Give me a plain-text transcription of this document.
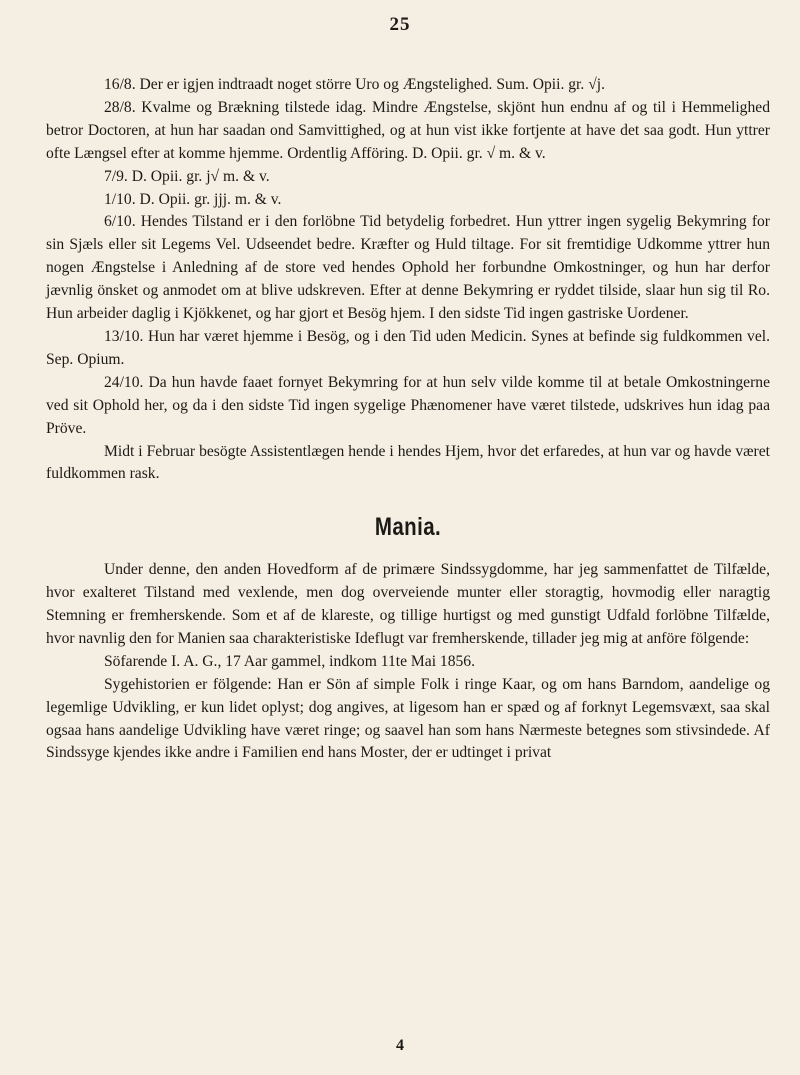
25

16/8. Der er igjen indtraadt noget större Uro og Ængstelighed. Sum. Opii. gr. √j.

28/8. Kvalme og Brækning tilstede idag. Mindre Ængstelse, skjönt hun endnu af og til i Hemmelighed betror Doctoren, at hun har saadan ond Samvittighed, og at hun vist ikke fortjente at have det saa godt. Hun yttrer ofte Længsel efter at komme hjemme. Ordentlig Afföring. D. Opii. gr. √ m. & v.

7/9. D. Opii. gr. j√ m. & v.

1/10. D. Opii. gr. jjj. m. & v.

6/10. Hendes Tilstand er i den forlöbne Tid betydelig forbedret. Hun yttrer ingen sygelig Bekymring for sin Sjæls eller sit Legems Vel. Udseendet bedre. Kræfter og Huld tiltage. For sit fremtidige Udkomme yttrer hun nogen Ængstelse i Anledning af de store ved hendes Ophold her forbundne Omkostninger, og hun har derfor jævnlig önsket og anmodet om at blive udskreven. Efter at denne Bekymring er ryddet tilside, slaar hun sig til Ro. Hun arbeider daglig i Kjökkenet, og har gjort et Besög hjem. I den sidste Tid ingen gastriske Uordener.

13/10. Hun har været hjemme i Besög, og i den Tid uden Medicin. Synes at befinde sig fuldkommen vel. Sep. Opium.

24/10. Da hun havde faaet fornyet Bekymring for at hun selv vilde komme til at betale Omkostningerne ved sit Ophold her, og da i den sidste Tid ingen sygelige Phænomener have været tilstede, udskrives hun idag paa Pröve.

Midt i Februar besögte Assistentlægen hende i hendes Hjem, hvor det erfaredes, at hun var og havde været fuldkommen rask.

Mania.

Under denne, den anden Hovedform af de primære Sindssygdomme, har jeg sammenfattet de Tilfælde, hvor exalteret Tilstand med vexlende, men dog overveiende munter eller storagtig, hovmodig eller naragtig Stemning er fremherskende. Som et af de klareste, og tillige hurtigst og med gunstigt Udfald forlöbne Tilfælde, hvor navnlig den for Manien saa charakteristiske Ideflugt var fremherskende, tillader jeg mig at anföre fölgende:

Söfarende I. A. G., 17 Aar gammel, indkom 11te Mai 1856.

Sygehistorien er fölgende: Han er Sön af simple Folk i ringe Kaar, og om hans Barndom, aandelige og legemlige Udvikling, er kun lidet oplyst; dog angives, at ligesom han er spæd og af forknyt Legemsvæxt, saa skal ogsaa hans aandelige Udvikling have været ringe; og saavel han som hans Nærmeste betegnes som stivsindede. Af Sindssyge kjendes ikke andre i Familien end hans Moster, der er udtinget i privat

4
